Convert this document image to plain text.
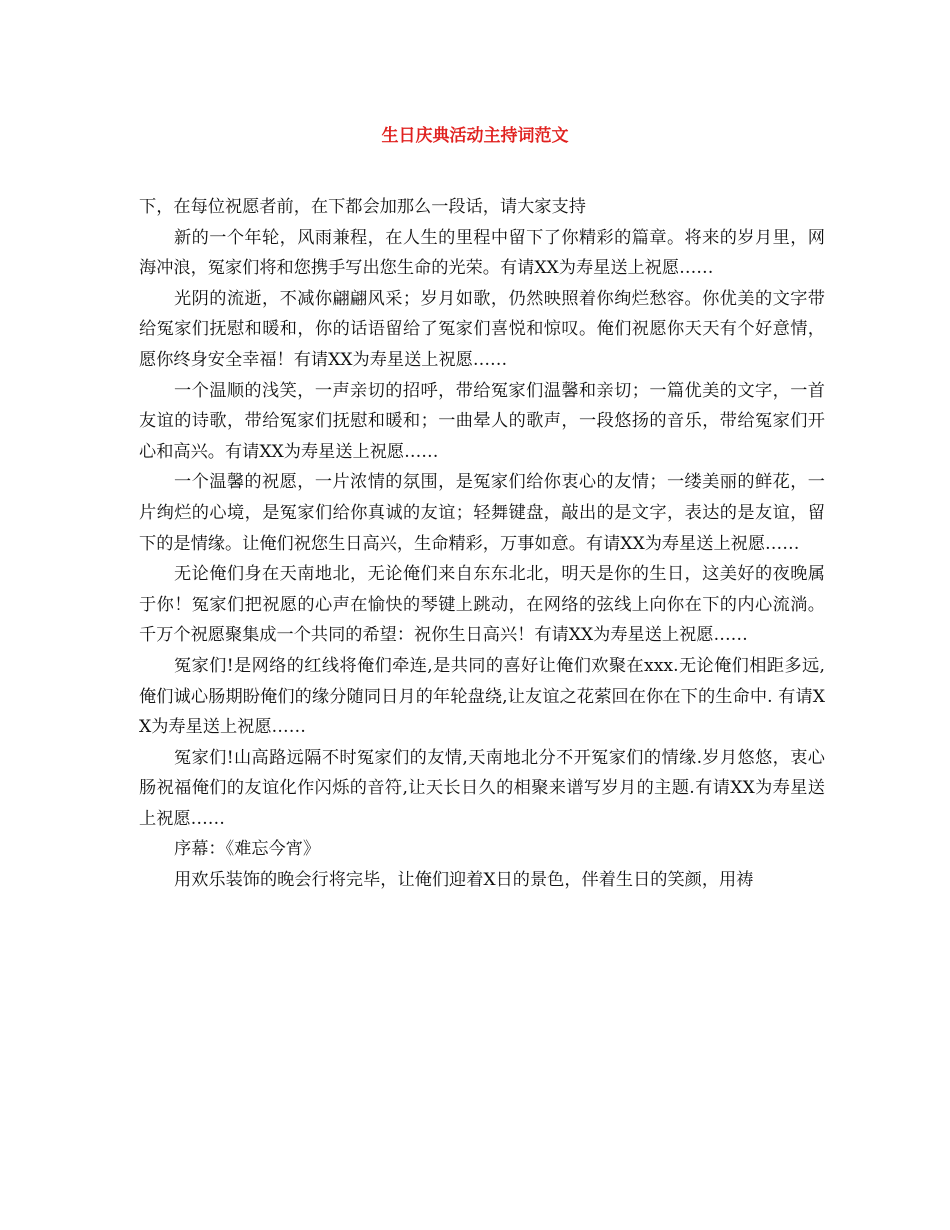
生日庆典活动主持词范文

下，在每位祝愿者前，在下都会加那么一段话，请大家支持

新的一个年轮，风雨兼程，在人生的里程中留下了你精彩的篇章。将来的岁月里，网海冲浪，冤家们将和您携手写出您生命的光荣。有请XX为寿星送上祝愿……

光阴的流逝，不减你翩翩风采；岁月如歌，仍然映照着你绚烂愁容。你优美的文字带给冤家们抚慰和暖和，你的话语留给了冤家们喜悦和惊叹。俺们祝愿你天天有个好意情，愿你终身安全幸福！有请XX为寿星送上祝愿……

一个温顺的浅笑，一声亲切的招呼，带给冤家们温馨和亲切；一篇优美的文字，一首友谊的诗歌，带给冤家们抚慰和暖和；一曲晕人的歌声，一段悠扬的音乐，带给冤家们开心和高兴。有请XX为寿星送上祝愿……

一个温馨的祝愿，一片浓情的氛围，是冤家们给你衷心的友情；一缕美丽的鲜花，一片绚烂的心境，是冤家们给你真诚的友谊；轻舞键盘，敲出的是文字，表达的是友谊，留下的是情缘。让俺们祝您生日高兴，生命精彩，万事如意。有请XX为寿星送上祝愿……

无论俺们身在天南地北，无论俺们来自东东北北，明天是你的生日，这美好的夜晚属于你！冤家们把祝愿的心声在愉快的琴键上跳动，在网络的弦线上向你在下的内心流淌。千万个祝愿聚集成一个共同的希望：祝你生日高兴！有请XX为寿星送上祝愿……

冤家们!是网络的红线将俺们牵连,是共同的喜好让俺们欢聚在xxx.无论俺们相距多远,俺们诚心肠期盼俺们的缘分随同日月的年轮盘绕,让友谊之花萦回在你在下的生命中. 有请XX为寿星送上祝愿……

冤家们!山高路远隔不时冤家们的友情,天南地北分不开冤家们的情缘.岁月悠悠，衷心肠祝福俺们的友谊化作闪烁的音符,让天长日久的相聚来谱写岁月的主题.有请XX为寿星送上祝愿……

序幕：《难忘今宵》

用欢乐装饰的晚会行将完毕，让俺们迎着X日的景色，伴着生日的笑颜，用祷
